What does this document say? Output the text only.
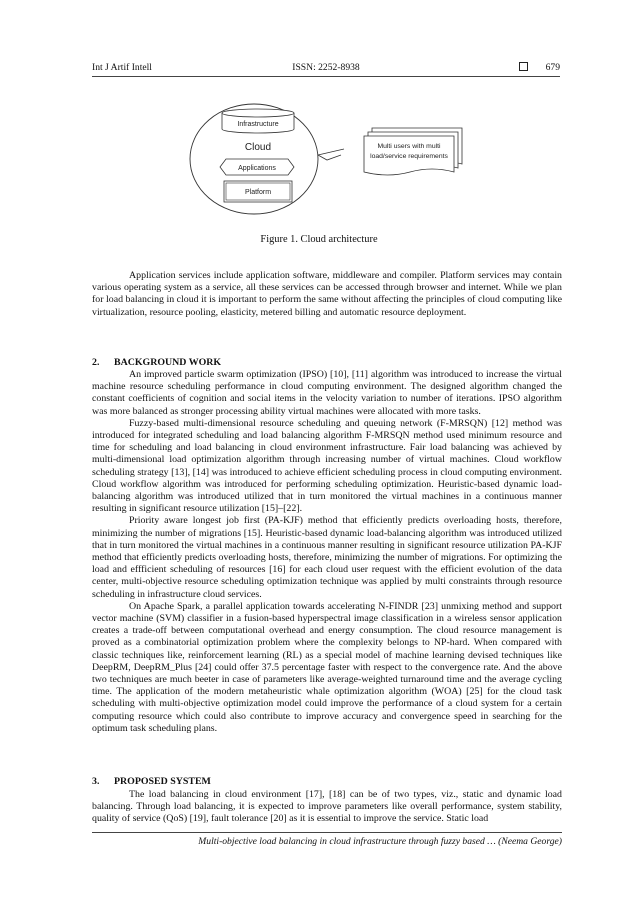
Int J Artif Intell	ISSN: 2252-8938	679
Infrastructure
Cloud
Applications
Platform
Multi users with multi
load/service requirements
Figure 1. Cloud architecture

Application services include application software, middleware and compiler. Platform services may contain various operating system as a service, all these services can be accessed through browser and internet. While we plan for load balancing in cloud it is important to perform the same without affecting the principles of cloud computing like virtualization, resource pooling, elasticity, metered billing and automatic resource deployment.

2. BACKGROUND WORK

An improved particle swarm optimization (IPSO) [10], [11] algorithm was introduced to increase the virtual machine resource scheduling performance in cloud computing environment. The designed algorithm changed the constant coefficients of cognition and social items in the velocity variation to number of iterations. IPSO algorithm was more balanced as stronger processing ability virtual machines were allocated with more tasks.

Fuzzy-based multi-dimensional resource scheduling and queuing network (F-MRSQN) [12] method was introduced for integrated scheduling and load balancing algorithm F-MRSQN method used minimum resource and time for scheduling and load balancing in cloud environment infrastructure. Fair load balancing was achieved by multi-dimensional load optimization algorithm through increasing number of virtual machines. Cloud workflow scheduling strategy [13], [14] was introduced to achieve efficient scheduling process in cloud computing environment. Cloud workflow algorithm was introduced for performing scheduling optimization. Heuristic-based dynamic load-balancing algorithm was introduced utilized that in turn monitored the virtual machines in a continuous manner resulting in significant resource utilization [15]–[22].

Priority aware longest job first (PA-KJF) method that efficiently predicts overloading hosts, therefore, minimizing the number of migrations [15]. Heuristic-based dynamic load-balancing algorithm was introduced utilized that in turn monitored the virtual machines in a continuous manner resulting in significant resource utilization PA-KJF method that efficiently predicts overloading hosts, therefore, minimizing the number of migrations. For optimizing the load and effficient scheduling of resources [16] for each cloud user request with the efficient evolution of the data center, multi-objective resource scheduling optimization technique was applied by multi constraints through resource scheduling in infrastructure cloud services.

On Apache Spark, a parallel application towards accelerating N-FINDR [23] unmixing method and support vector machine (SVM) classifier in a fusion-based hyperspectral image classification in a wireless sensor application creates a trade-off between computational overhead and energy consumption. The cloud resource management is proved as a combinatorial optimization problem where the complexity belongs to NP-hard. When compared with classic techniques like, reinforcement learning (RL) as a special model of machine learning devised techniques like DeepRM, DeepRM_Plus [24] could offer 37.5 percentage faster with respect to the convergence rate. And the above two techniques are much beeter in case of parameters like average-weighted turnaround time and the average cycling time. The application of the modern metaheuristic whale optimization algorithm (WOA) [25] for the cloud task scheduling with multi-objective optimization model could improve the performance of a cloud system for a certain computing resource which could also contribute to improve accuracy and convergence speed in searching for the optimum task scheduling plans.

3. PROPOSED SYSTEM

The load balancing in cloud environment [17], [18] can be of two types, viz., static and dynamic load balancing. Through load balancing, it is expected to improve parameters like overall performance, system stability, quality of service (QoS) [19], fault tolerance [20] as it is essential to improve the service. Static load

Multi-objective load balancing in cloud infrastructure through fuzzy based … (Neema George)
